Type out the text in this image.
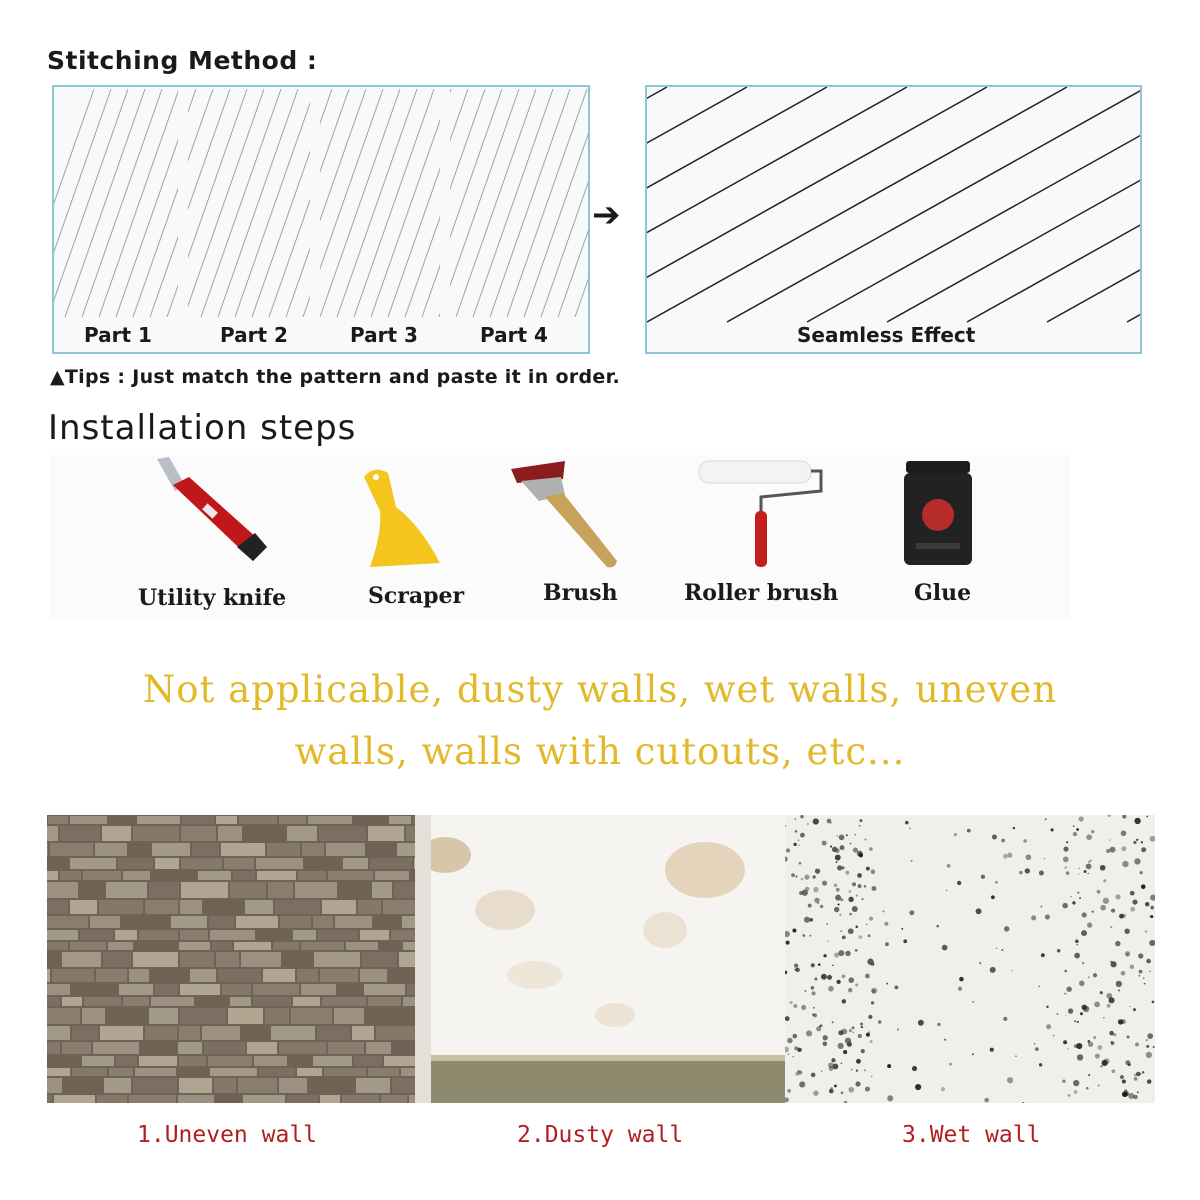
Stitching Method :
Part 1	Part 2	Part 3	Part 4
➔
Seamless Effect
▲Tips : Just match the pattern and paste it in order.
Installation steps
Utility knife	Scraper	Brush	Roller brush	Glue
Not applicable, dusty walls, wet walls, uneven
walls, walls with cutouts, etc...
1.Uneven wall	2.Dusty wall	3.Wet wall
